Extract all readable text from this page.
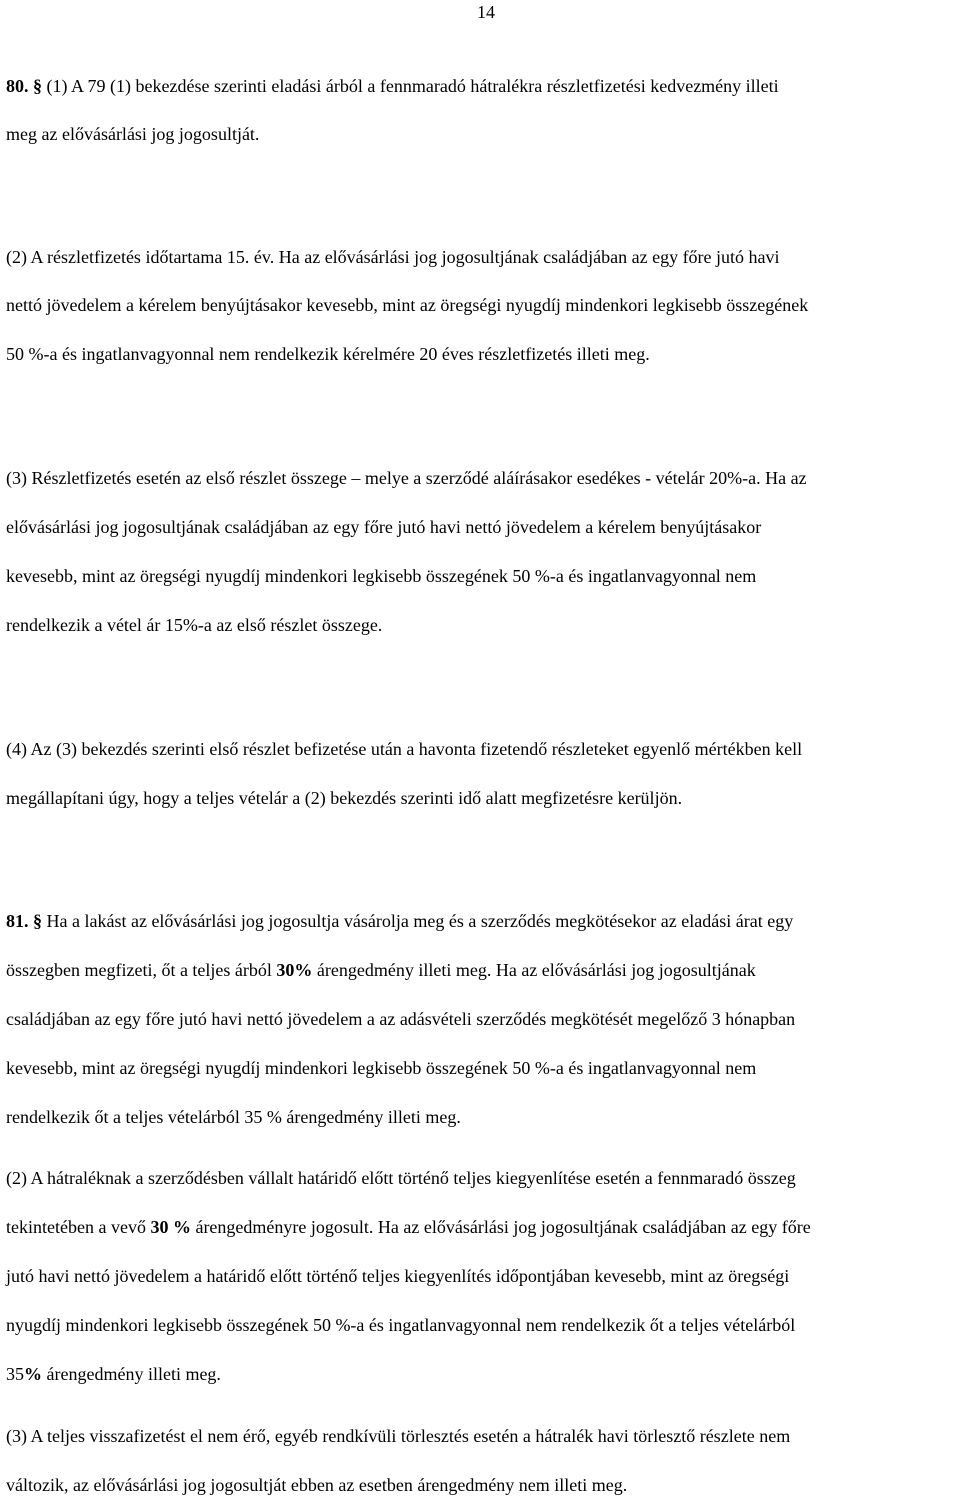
14
80. § (1) A 79 (1) bekezdése szerinti eladási árból a fennmaradó hátralékra részletfizetési kedvezmény illeti
meg az elővásárlási jog jogosultját.
(2) A részletfizetés időtartama 15. év. Ha az elővásárlási jog jogosultjának családjában az egy főre jutó havi
nettó jövedelem a kérelem benyújtásakor kevesebb, mint az öregségi nyugdíj mindenkori legkisebb összegének
50 %-a és ingatlanvagyonnal nem rendelkezik kérelmére 20 éves részletfizetés illeti meg.
(3) Részletfizetés esetén az első részlet összege – melye a szerződé aláírásakor esedékes - vételár 20%-a. Ha az
elővásárlási jog jogosultjának családjában az egy főre jutó havi nettó jövedelem a kérelem benyújtásakor
kevesebb, mint az öregségi nyugdíj mindenkori legkisebb összegének 50 %-a és ingatlanvagyonnal nem
rendelkezik a vétel ár 15%-a az első részlet összege.
(4) Az (3) bekezdés szerinti első részlet befizetése után a havonta fizetendő részleteket egyenlő mértékben kell
megállapítani úgy, hogy a teljes vételár a (2) bekezdés szerinti idő alatt megfizetésre kerüljön.
81. § Ha a lakást az elővásárlási jog jogosultja vásárolja meg és a szerződés megkötésekor az eladási árat egy
összegben megfizeti, őt a teljes árból 30% árengedmény illeti meg. Ha az elővásárlási jog jogosultjának
családjában az egy főre jutó havi nettó jövedelem a az adásvételi szerződés megkötését megelőző 3 hónapban
kevesebb, mint az öregségi nyugdíj mindenkori legkisebb összegének 50 %-a és ingatlanvagyonnal nem
rendelkezik őt a teljes vételárból 35 % árengedmény illeti meg.
(2) A hátraléknak a szerződésben vállalt határidő előtt történő teljes kiegyenlítése esetén a fennmaradó összeg
tekintetében a vevő 30 % árengedményre jogosult. Ha az elővásárlási jog jogosultjának családjában az egy főre
jutó havi nettó jövedelem a határidő előtt történő teljes kiegyenlítés időpontjában kevesebb, mint az öregségi
nyugdíj mindenkori legkisebb összegének 50 %-a és ingatlanvagyonnal nem rendelkezik őt a teljes vételárból
35% árengedmény illeti meg.
(3) A teljes visszafizetést el nem érő, egyéb rendkívüli törlesztés esetén a hátralék havi törlesztő részlete nem
változik, az elővásárlási jog jogosultját ebben az esetben árengedmény nem illeti meg.
